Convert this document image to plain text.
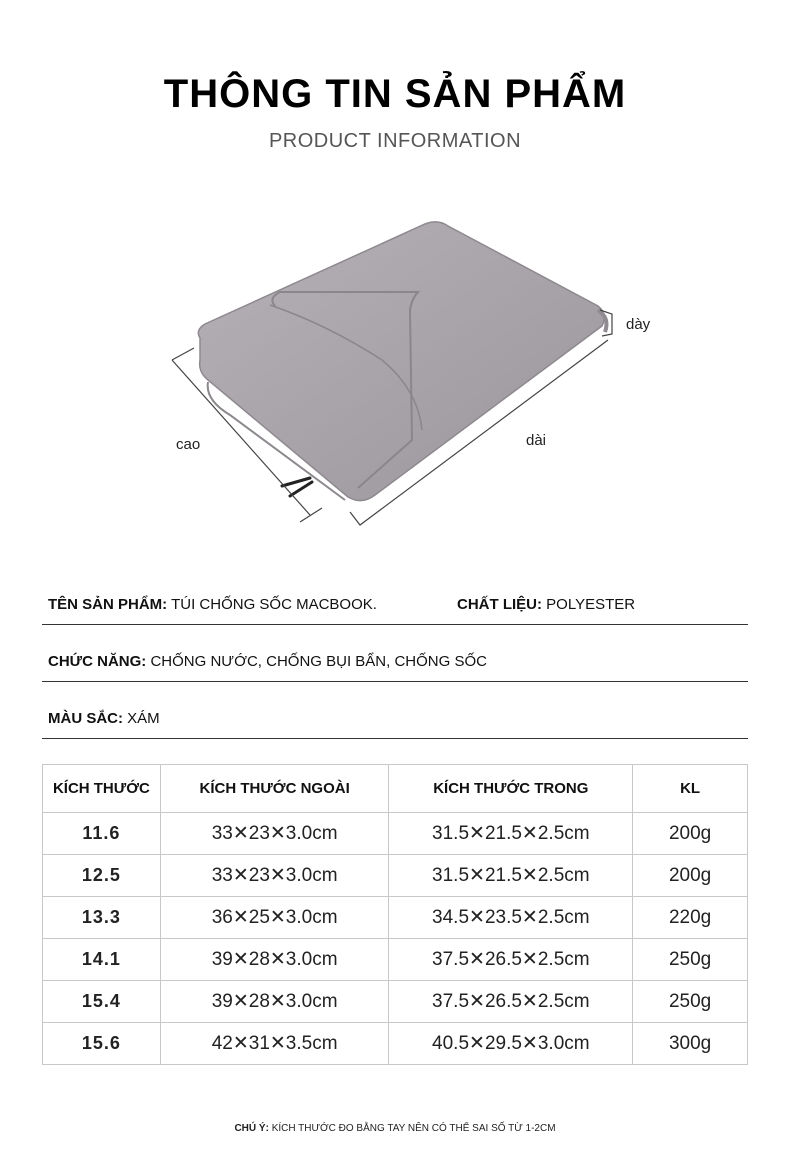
THÔNG TIN SẢN PHẨM
PRODUCT INFORMATION
dày
cao	dài
TÊN SẢN PHẨM: TÚI CHỐNG SỐC MACBOOK.	CHẤT LIỆU: POLYESTER
CHỨC NĂNG: CHỐNG NƯỚC, CHỐNG BỤI BẨN, CHỐNG SỐC
MÀU SẮC: XÁM
KÍCH THƯỚC	KÍCH THƯỚC NGOÀI	KÍCH THƯỚC TRONG	KL
11.6	33✕23✕3.0cm	31.5✕21.5✕2.5cm	200g
12.5	33✕23✕3.0cm	31.5✕21.5✕2.5cm	200g
13.3	36✕25✕3.0cm	34.5✕23.5✕2.5cm	220g
14.1	39✕28✕3.0cm	37.5✕26.5✕2.5cm	250g
15.4	39✕28✕3.0cm	37.5✕26.5✕2.5cm	250g
15.6	42✕31✕3.5cm	40.5✕29.5✕3.0cm	300g
CHÚ Ý: KÍCH THƯỚC ĐO BẰNG TAY NÊN CÓ THỂ SAI SỐ TỪ 1-2CM
